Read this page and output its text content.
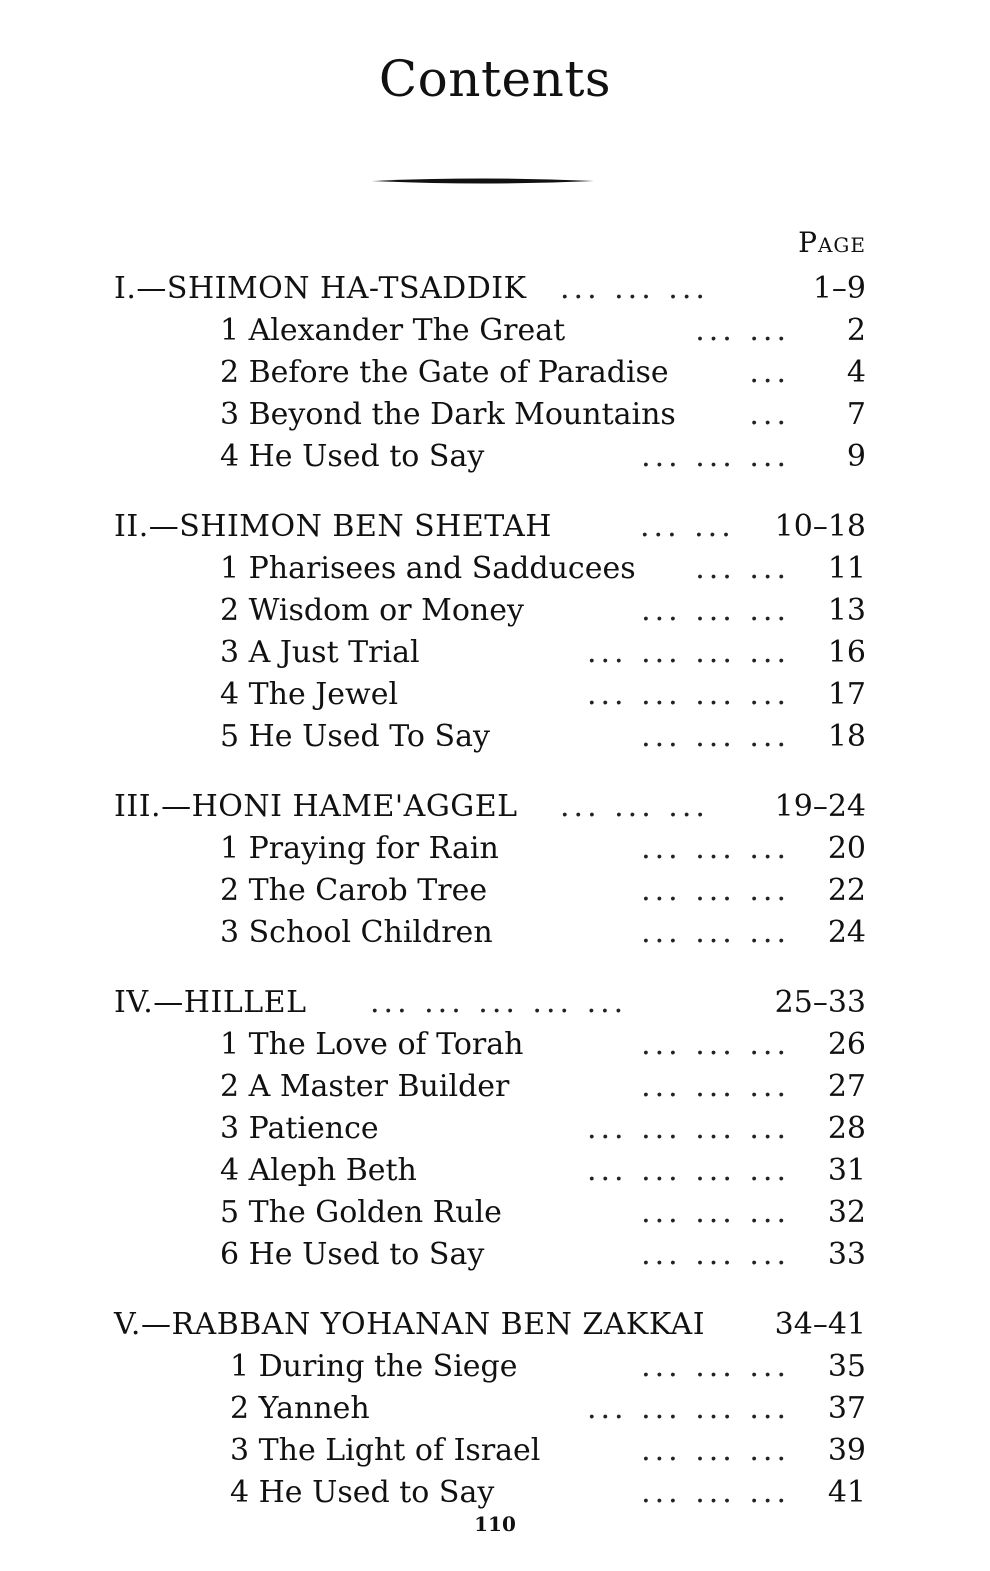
Contents
Page
I.—SHIMON HA-TSADDIK ... ... ...	1–9
1 Alexander The Great	... ... 2
2 Before the Gate of Paradise	... 4
3 Beyond the Dark Mountains ... 7
4 He Used to Say	... ... ... 9
II.—SHIMON BEN SHETAH	... ... 10–18
1 Pharisees and Sadducees ... ... 11
2 Wisdom or Money	... ... ... 13
3 A Just Trial	... ... ... ... 16
4 The Jewel	... ... ... ... 17
5 He Used To Say	... ... ... 18
III.—HONI HAME'AGGEL ... ... ... 19–24
1 Praying for Rain	... ... ... 20
2 The Carob Tree	... ... ... 22
3 School Children	... ... ... 24
IV.—HILLEL ... ... ... ... ...	25–33
1 The Love of Torah	... ... ... 26
2 A Master Builder	... ... ... 27
3 Patience	... ... ... ... 28
4 Aleph Beth	... ... ... ... 31
5 The Golden Rule	... ... ... 32
6 He Used to Say	... ... ... 33
V.—RABBAN YOHANAN BEN ZAKKAI 34–41
1 During the Siege	... ... ... 35
2 Yanneh	... ... ... ... 37
3 The Light of Israel	... ... ... 39
4 He Used to Say	... ... ... 41
110
